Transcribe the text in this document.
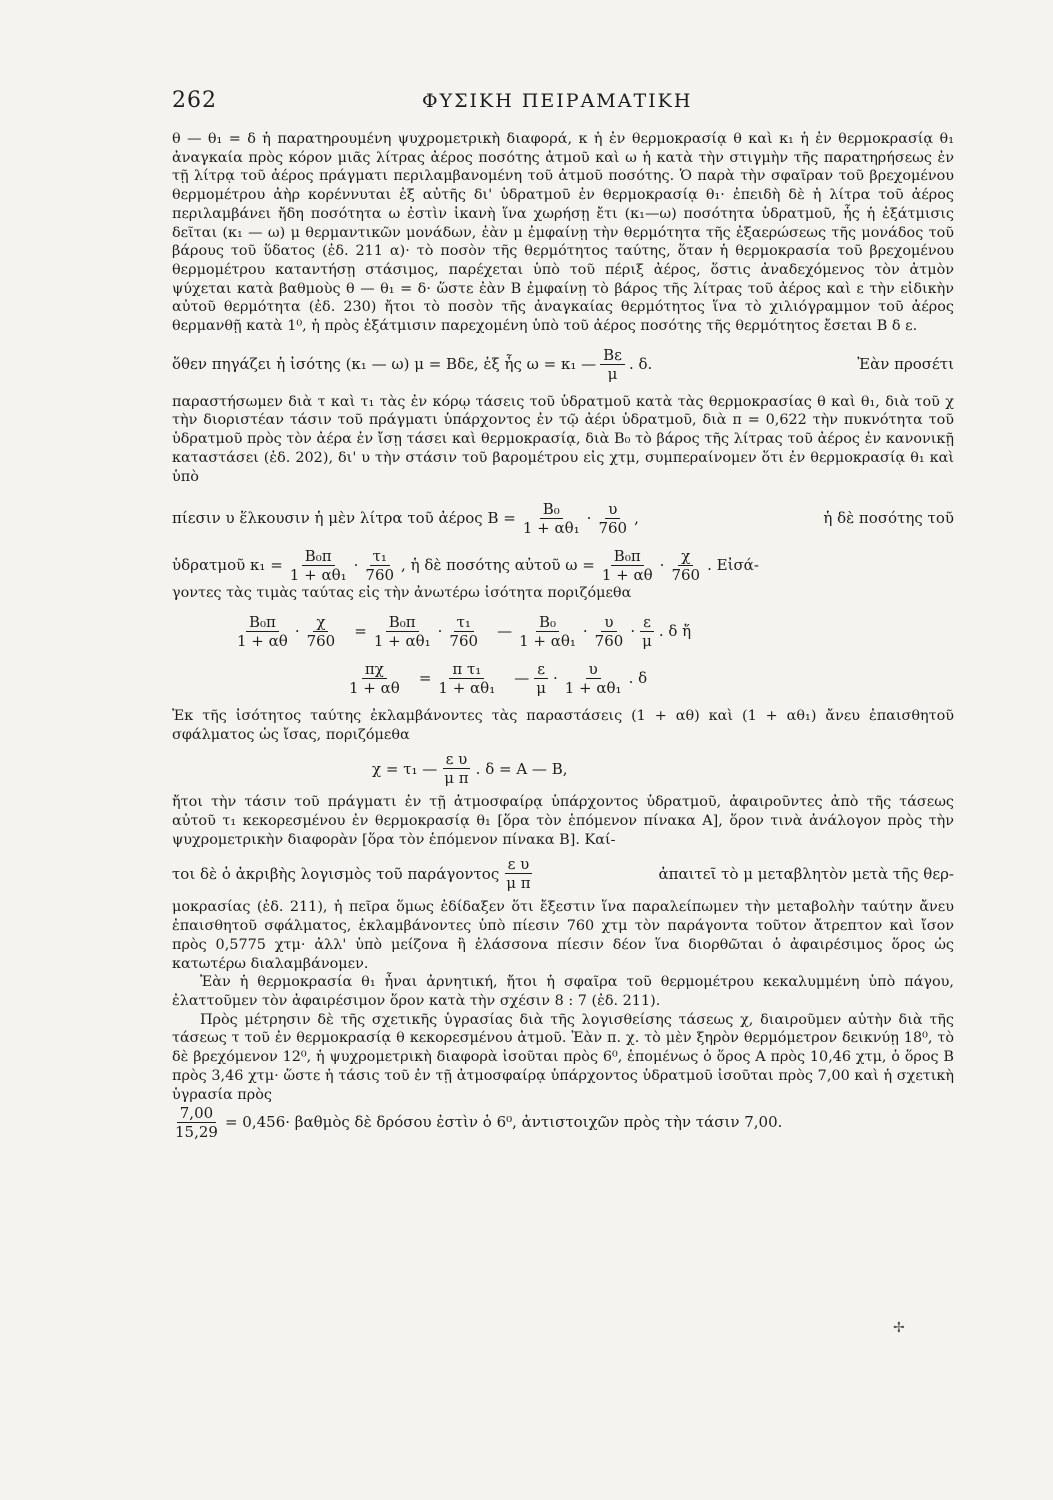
262	ΦΥΣΙΚΗ ΠΕΙΡΑΜΑΤΙΚΗ

θ — θ₁ = δ ἡ παρατηρουμένη ψυχρομετρικὴ διαφορά, κ ἡ ἐν θερμοκρασίᾳ θ καὶ κ₁ ἡ ἐν θερμοκρασίᾳ θ₁ ἀναγκαία πρὸς κόρον μιᾶς λίτρας ἀέρος ποσότης ἀτμοῦ καὶ ω ἡ κατὰ τὴν στιγμὴν τῆς παρατηρήσεως ἐν τῇ λίτρᾳ τοῦ ἀέρος πράγματι περιλαμβανομένη τοῦ ἀτμοῦ ποσότης. Ὁ παρὰ τὴν σφαῖραν τοῦ βρεχομένου θερμομέτρου ἀὴρ κορέννυται ἐξ αὐτῆς δι' ὑδρατμοῦ ἐν θερμοκρασίᾳ θ₁· ἐπειδὴ δὲ ἡ λίτρα τοῦ ἀέρος περιλαμβάνει ἤδη ποσότητα ω ἐστὶν ἱκανὴ ἵνα χωρήσῃ ἔτι (κ₁—ω) ποσότητα ὑδρατμοῦ, ἧς ἡ ἐξάτμισις δεῖται (κ₁ — ω) μ θερμαντικῶν μονάδων, ἐὰν μ ἐμφαίνῃ τὴν θερμότητα τῆς ἐξαερώσεως τῆς μονάδος τοῦ βάρους τοῦ ὕδατος (ἐδ. 211 α)· τὸ ποσὸν τῆς θερμότητος ταύτης, ὅταν ἡ θερμοκρασία τοῦ βρεχομένου θερμομέτρου καταντήσῃ στάσιμος, παρέχεται ὑπὸ τοῦ πέριξ ἀέρος, ὅστις ἀναδεχόμενος τὸν ἀτμὸν ψύχεται κατὰ βαθμοὺς θ — θ₁ = δ· ὥστε ἐὰν Β ἐμφαίνῃ τὸ βάρος τῆς λίτρας τοῦ ἀέρος καὶ ε τὴν εἰδικὴν αὐτοῦ θερμότητα (ἐδ. 230) ἤτοι τὸ ποσὸν τῆς ἀναγκαίας θερμότητος ἵνα τὸ χιλιόγραμμον τοῦ ἀέρος θερμανθῇ κατὰ 1⁰, ἡ πρὸς ἐξάτμισιν παρεχομένη ὑπὸ τοῦ ἀέρος ποσότης τῆς θερμότητος ἔσεται Β δ ε.

ὅθεν πηγάζει ἡ ἰσότης (κ₁ — ω) μ = Βδε, ἐξ ἧς ω = κ₁ — $\frac{B\varepsilon}{\mu}$ . δ.	Ἐὰν προσέτι

παραστήσωμεν διὰ τ καὶ τ₁ τὰς ἐν κόρῳ τάσεις τοῦ ὑδρατμοῦ κατὰ τὰς θερμοκρασίας θ καὶ θ₁, διὰ τοῦ χ τὴν διοριστέαν τάσιν τοῦ πράγματι ὑπάρχοντος ἐν τῷ ἀέρι ὑδρατμοῦ, διὰ π = 0,622 τὴν πυκνότητα τοῦ ὑδρατμοῦ πρὸς τὸν ἀέρα ἐν ἴσῃ τάσει καὶ θερμοκρασίᾳ, διὰ Β₀ τὸ βάρος τῆς λίτρας τοῦ ἀέρος ἐν κανονικῇ καταστάσει (ἐδ. 202), δι' υ τὴν στάσιν τοῦ βαρομέτρου εἰς χτμ, συμπεραίνομεν ὅτι ἐν θερμοκρασίᾳ θ₁ καὶ ὑπὸ

πίεσιν υ ἕλκουσιν ἡ μὲν λίτρα τοῦ ἀέρος $B = \frac{\text{Β₀}}{\text{1 + αθ₁}} \cdot \frac{\upsilon}{760}$ ,	ἡ δὲ ποσότης τοῦ
ὑδρατμοῦ $\kappa_1 = \frac{\text{Β₀π}}{\text{1 + αθ₁}} \cdot \frac{\text{τ₁}}{760}$ , ἡ δὲ ποσότης αὐτοῦ $\omega = \frac{\text{Β₀π}}{1 + \alpha\theta} \cdot \frac{\chi}{760}$ . Εἰσά-

γοντες τὰς τιμὰς ταύτας εἰς τὴν ἀνωτέρω ἰσότητα πoριζόμεθα

$\frac{\text{Β₀π}}{1 + \alpha\theta} \cdot \frac{\chi}{760} = \frac{\text{Β₀π}}{\text{1 + αθ₁}} \cdot \frac{\text{τ₁}}{760}$ — $\frac{\text{Β₀}}{\text{1 + αθ₁}} \cdot \frac{\upsilon}{760} \cdot \frac{\varepsilon}{\mu}$ . δ ἤ
$\frac{\pi\chi}{1 + \alpha\theta} = \frac{\text{π τ₁}}{\text{1 + αθ₁}}$ — $\frac{\varepsilon}{\mu} \cdot \frac{\upsilon}{\text{1 + αθ₁}}$ . δ

Ἐκ τῆς ἰσότητος ταύτης ἐκλαμβάνοντες τὰς παραστάσεις (1 + αθ) καὶ (1 + αθ₁) ἄνευ ἐπαισθητοῦ σφάλματος ὡς ἴσας, πoριζόμεθα

χ = τ₁ — $\frac{\text{ε υ}}{\text{μ π}}$ . δ = Α — Β,

ἤτοι τὴν τάσιν τοῦ πράγματι ἐν τῇ ἀτμοσφαίρᾳ ὑπάρχοντος ὑδρατμοῦ, ἀφαιροῦντες ἀπὸ τῆς τάσεως αὐτοῦ τ₁ κεκορεσμένου ἐν θερμοκρασίᾳ θ₁ [ὅρα τὸν ἑπόμενον πίνακα Α], ὅρον τινὰ ἀνάλογον πρὸς τὴν ψυχρομετρικὴν διαφορὰν [ὅρα τὸν ἑπόμενον πίνακα Β]. Καί-

τοι δὲ ὁ ἀκριβὴς λογισμὸς τοῦ παράγοντος $\frac{\text{ε υ}}{\text{μ π}}$	ἀπαιτεῖ τὸ μ μεταβλητὸν μετὰ τῆς θερ-

μοκρασίας (ἐδ. 211), ἡ πεῖρα ὅμως ἐδίδαξεν ὅτι ἔξεστιν ἵνα παραλείπωμεν τὴν μεταβολὴν ταύτην ἄνευ ἐπαισθητοῦ σφάλματος, ἐκλαμβάνοντες ὑπὸ πίεσιν 760 χτμ τὸν παράγοντα τοῦτον ἄτρεπτον καὶ ἴσον πρὸς 0,5775 χτμ· ἀλλ' ὑπὸ μείζονα ἢ ἐλάσσονα πίεσιν δέον ἵνα διορθῶται ὁ ἀφαιρέσιμος ὅρος ὡς κατωτέρω διαλαμβάνομεν.

Ἐὰν ἡ θερμοκρασία θ₁ ἦναι ἀρνητική, ἤτοι ἡ σφαῖρα τοῦ θερμομέτρου κεκαλυμμένη ὑπὸ πάγου, ἐλαττοῦμεν τὸν ἀφαιρέσιμον ὅρον κατὰ τὴν σχέσιν 8 : 7 (ἐδ. 211).

Πρὸς μέτρησιν δὲ τῆς σχετικῆς ὑγρασίας διὰ τῆς λογισθείσης τάσεως χ, διαιροῦμεν αὐτὴν διὰ τῆς τάσεως τ τοῦ ἐν θερμοκρασίᾳ θ κεκορεσμένου ἀτμοῦ. Ἐὰν π. χ. τὸ μὲν ξηρὸν θερμόμετρον δεικνύῃ 18⁰, τὸ δὲ βρεχόμενον 12⁰, ἡ ψυχρομετρικὴ διαφορὰ ἰσοῦται πρὸς 6⁰, ἑπομένως ὁ ὅρος Α πρὸς 10,46 χτμ, ὁ ὅρος Β πρὸς 3,46 χτμ· ὥστε ἡ τάσις τοῦ ἐν τῇ ἀτμοσφαίρᾳ ὑπάρχοντος ὑδρατμοῦ ἰσοῦται πρὸς 7,00 καὶ ἡ σχετικὴ ὑγρασία πρὸς

$\frac{7,00}{15,29} = 0,456\cdot$ βαθμὸς δὲ δρόσου ἐστὶν ὁ 6⁰, ἀντιστοιχῶν πρὸς τὴν τάσιν 7,00.
✢
